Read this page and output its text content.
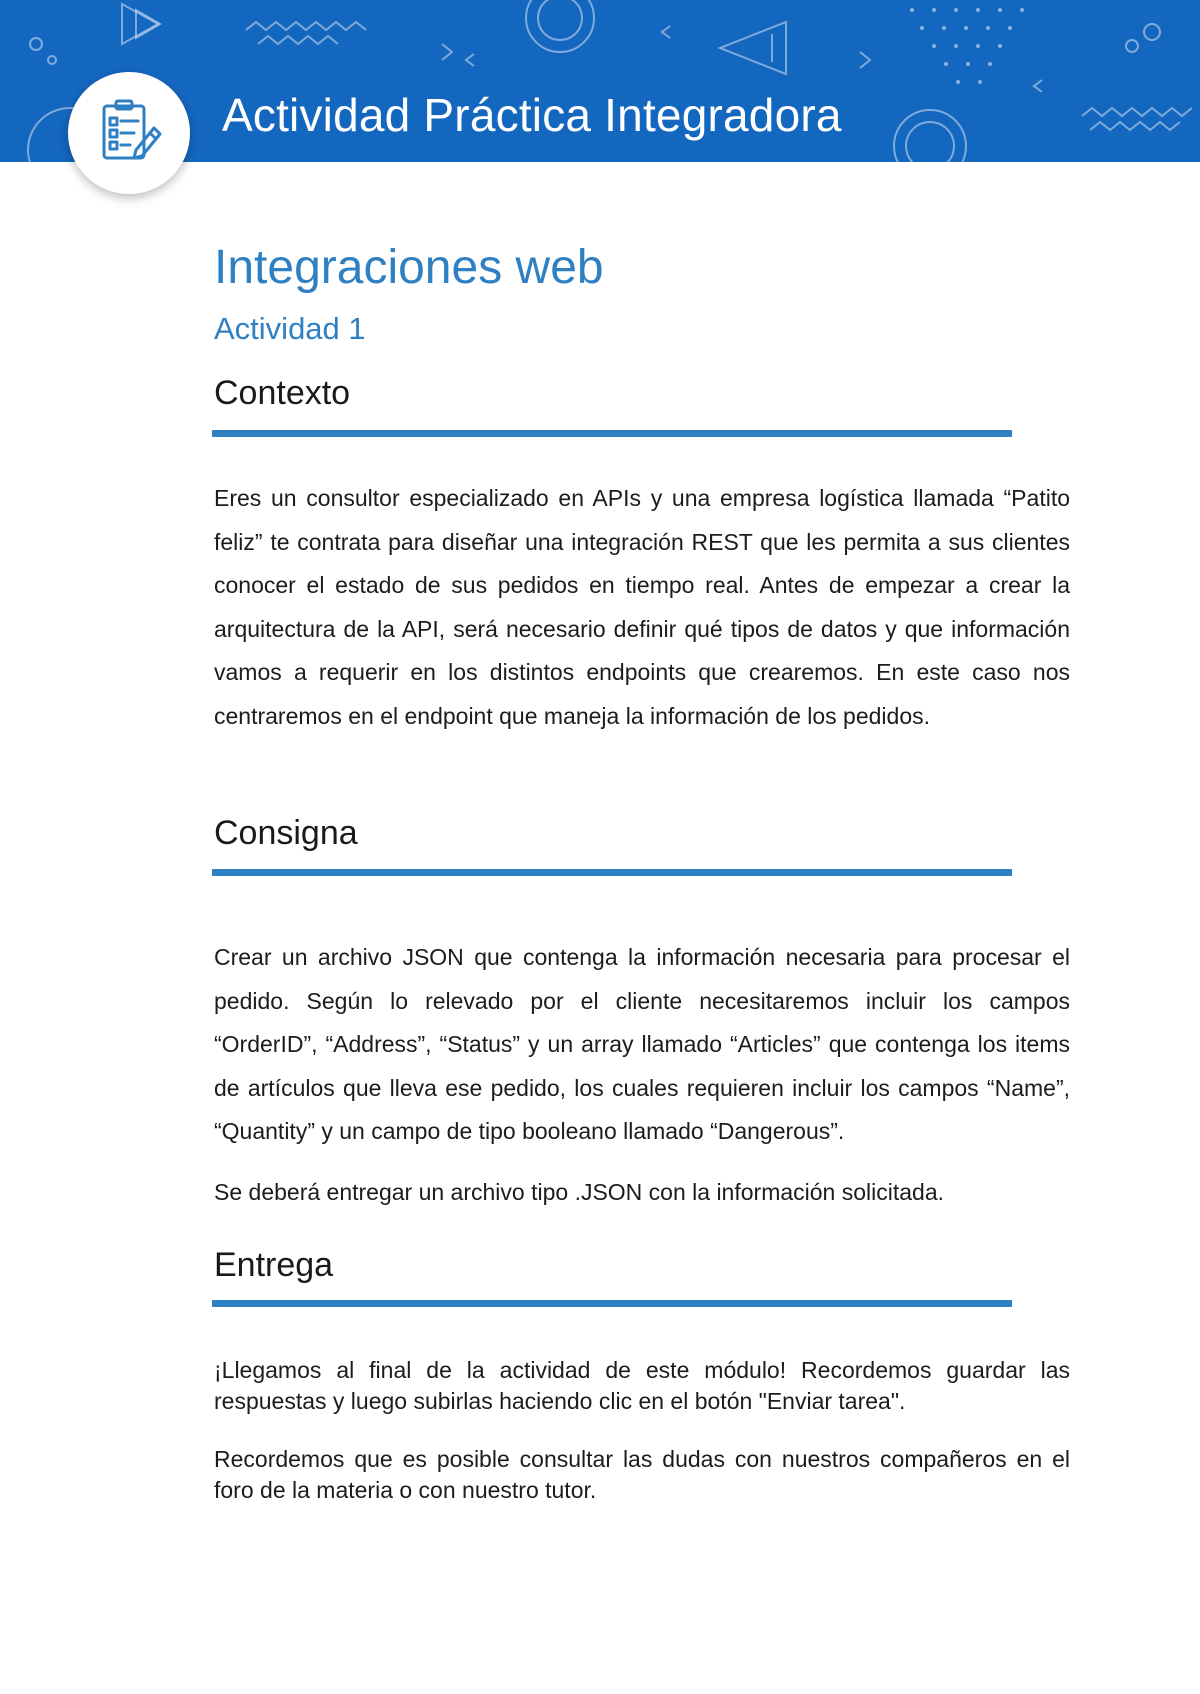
Actividad Práctica Integradora
Integraciones web
Actividad 1
Contexto

Eres un consultor especializado en APIs y una empresa logística llamada “Patito feliz” te contrata para diseñar una integración REST que les permita a sus clientes conocer el estado de sus pedidos en tiempo real. Antes de empezar a crear la arquitectura de la API, será necesario definir qué tipos de datos y que información vamos a requerir en los distintos endpoints que crearemos. En este caso nos centraremos en el endpoint que maneja la información de los pedidos.

Consigna

Crear un archivo JSON que contenga la información necesaria para procesar el pedido. Según lo relevado por el cliente necesitaremos incluir los campos “OrderID”, “Address”, “Status” y un array llamado “Articles” que contenga los items de artículos que lleva ese pedido, los cuales requieren incluir los campos “Name”, “Quantity” y un campo de tipo booleano llamado “Dangerous”.

Se deberá entregar un archivo tipo .JSON con la información solicitada.

Entrega

¡Llegamos al final de la actividad de este módulo! Recordemos guardar las respuestas y luego subirlas haciendo clic en el botón "Enviar tarea".

Recordemos que es posible consultar las dudas con nuestros compañeros en el foro de la materia o con nuestro tutor.
